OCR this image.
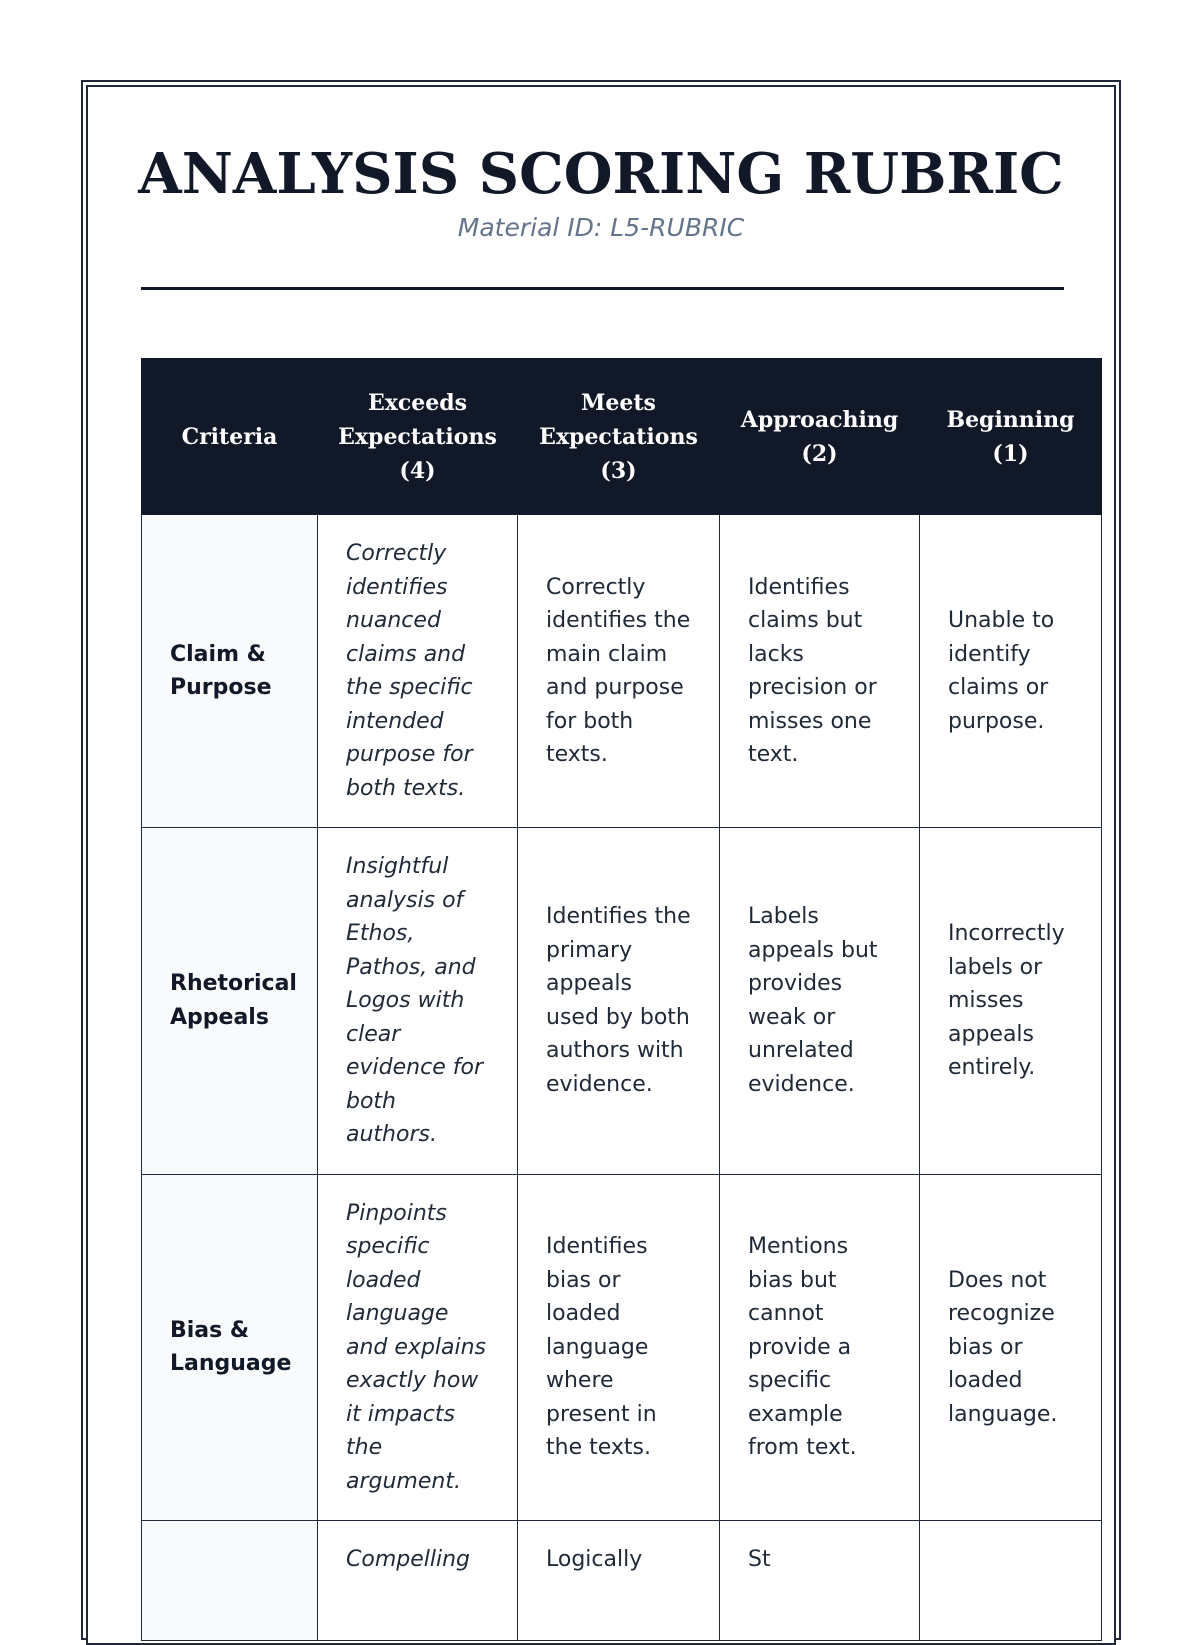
ANALYSIS SCORING RUBRIC
Material ID: L5-RUBRIC
Criteria	Exceeds Expectations (4)	Meets Expectations (3)	Approaching (2)	Beginning (1)
Claim & Purpose	Correctly identifies nuanced claims and the specific intended purpose for both texts.	Correctly identifies the main claim and purpose for both texts.	Identifies claims but lacks precision or misses one text.	Unable to identify claims or purpose.
Rhetorical Appeals	Insightful analysis of Ethos, Pathos, and Logos with clear evidence for both authors.	Identifies the primary appeals used by both authors with evidence.	Labels appeals but provides weak or unrelated evidence.	Incorrectly labels or misses appeals entirely.
Bias & Language	Pinpoints specific loaded language and explains exactly how it impacts the argument.	Identifies bias or loaded language where present in the texts.	Mentions bias but cannot provide a specific example from text.	Does not recognize bias or loaded language.
	Compelling	Logically	St	
